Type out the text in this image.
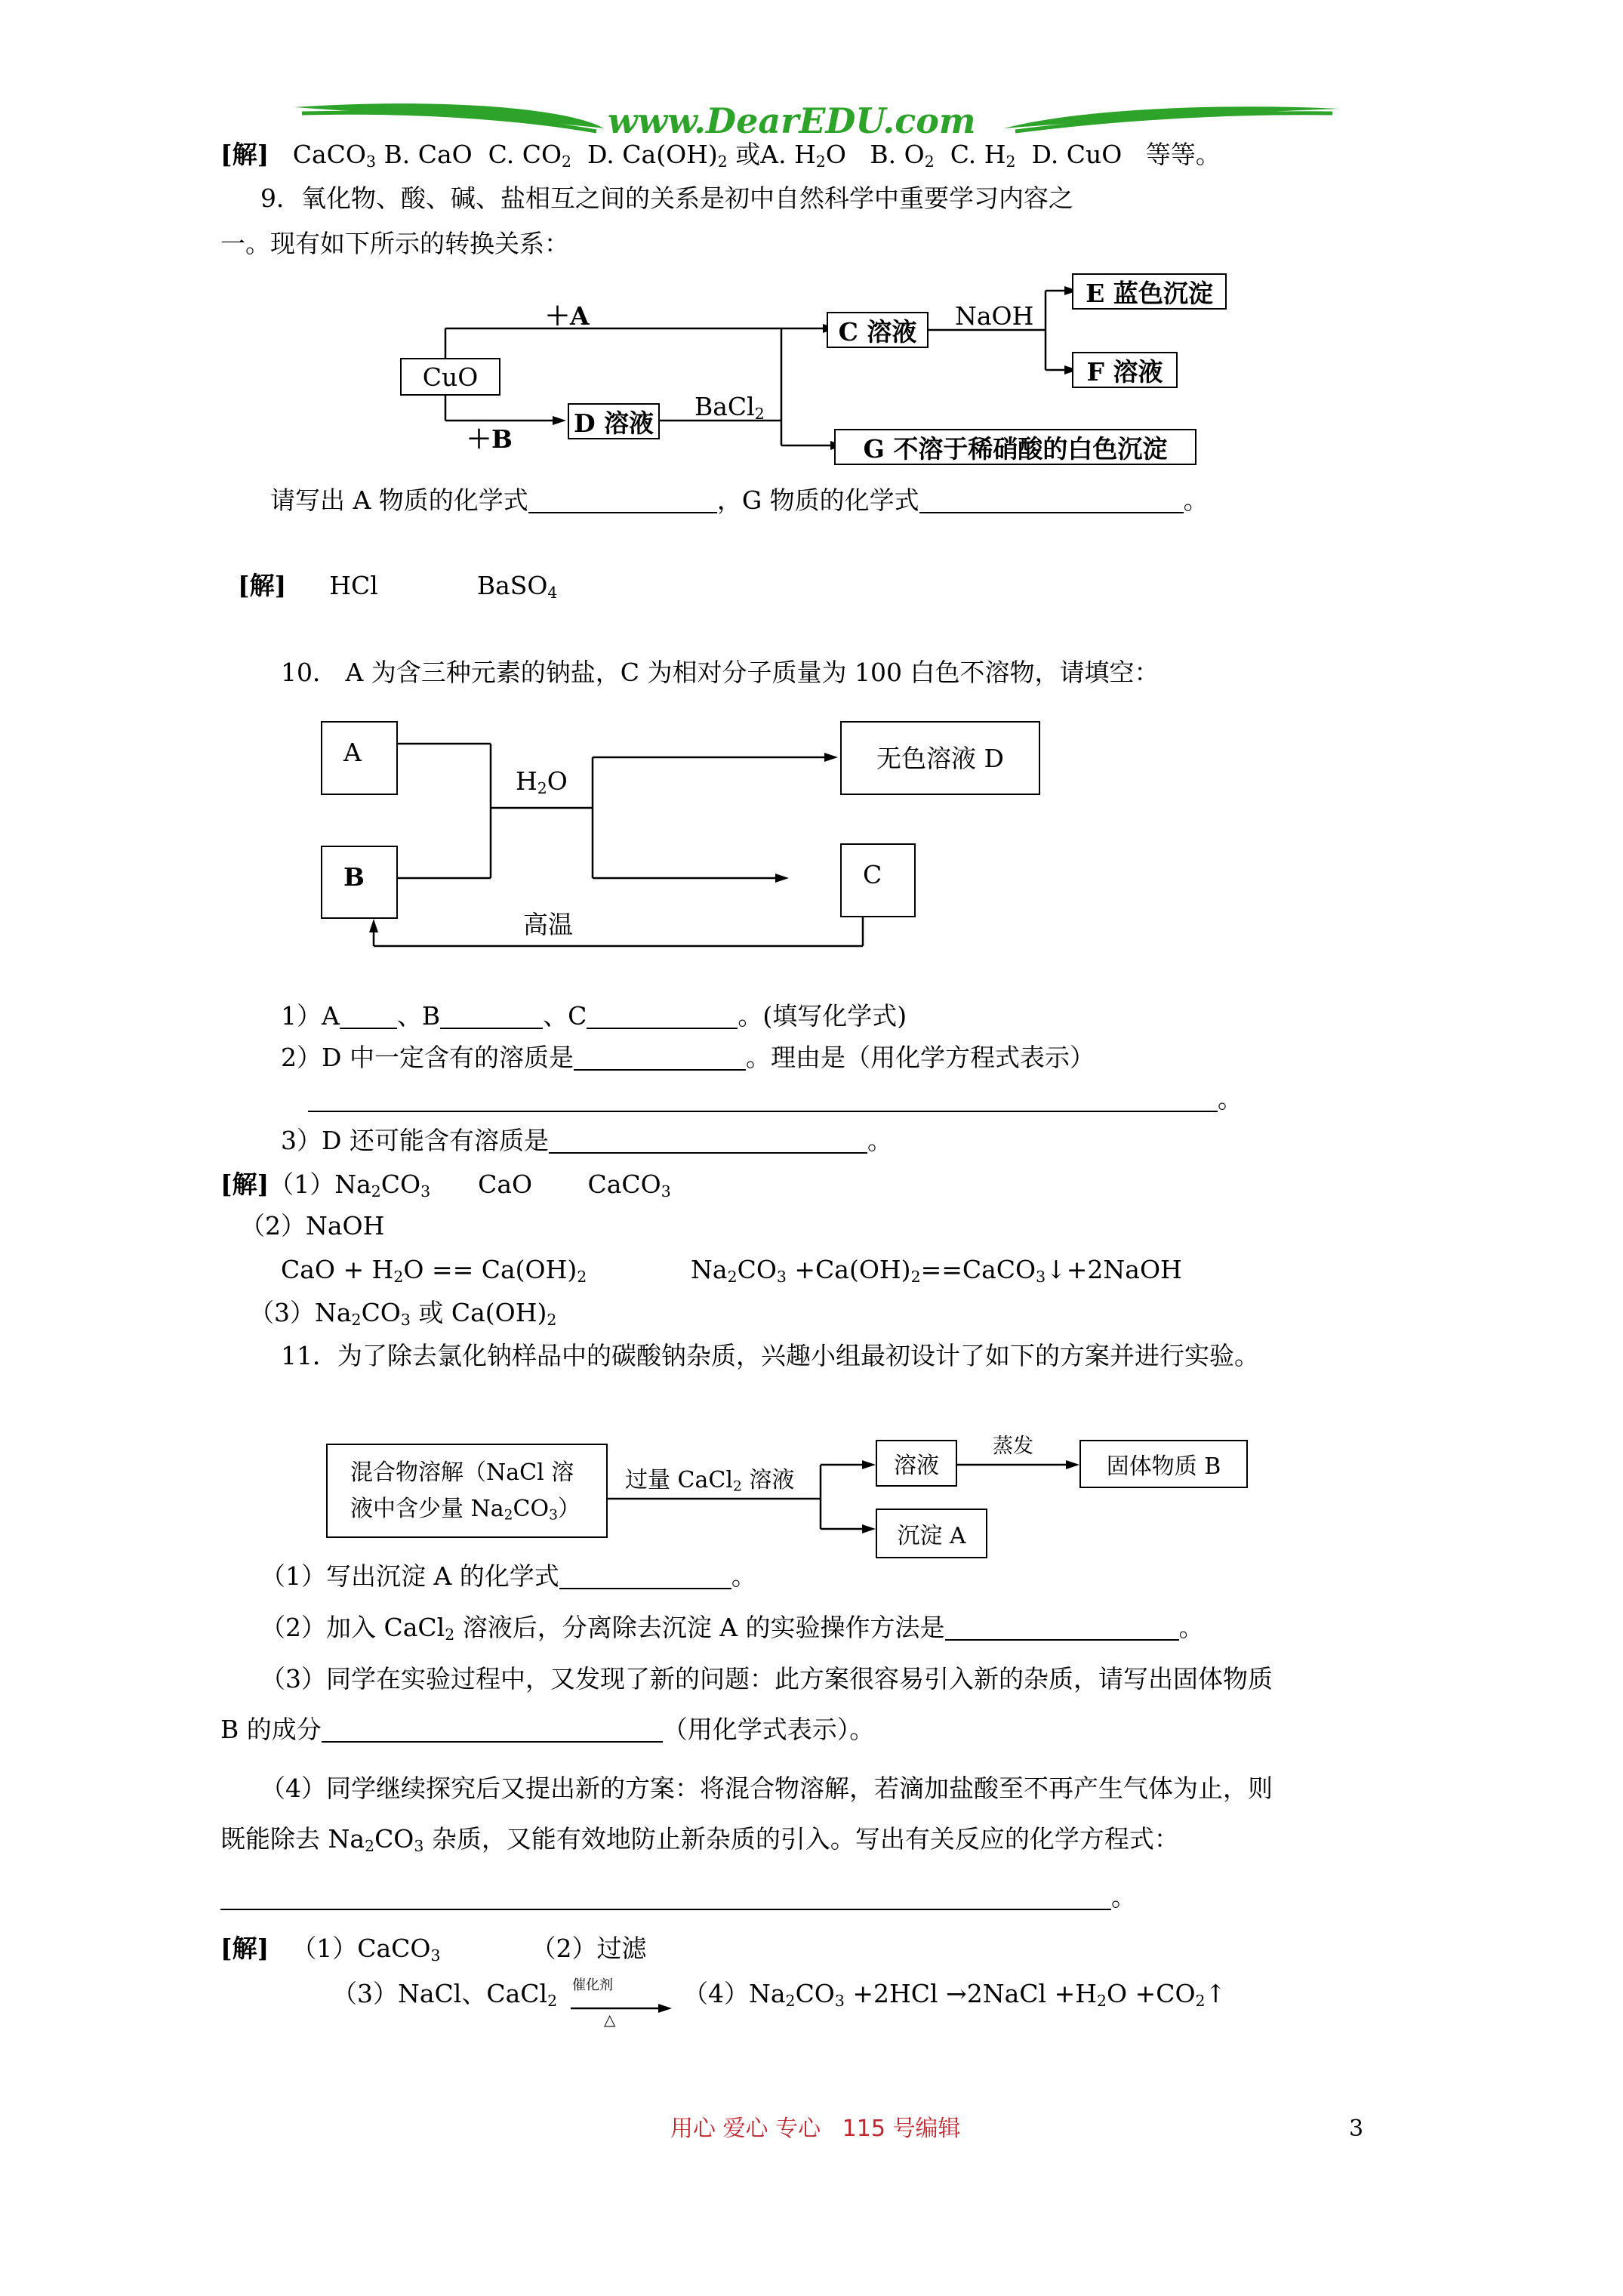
www.DearEDU.com
[解] CaCO$_3$ B. CaO  C. $CO_2$  D. $Ca(OH)_2$ 或A. $H_2O$   B. $O_2$  C. $H_2$  D. CuO   等等。
9．氧化物、酸、碱、盐相互之间的关系是初中自然科学中重要学习内容之
一。现有如下所示的转换关系：
CuO
＋A
＋B
D 溶液
BaCl$_2$
C 溶液
NaOH
E 蓝色沉淀
F 溶液
G 不溶于稀硝酸的白色沉淀
请写出 A 物质的化学式	，G 物质的化学式	。
[解] HCl	BaSO$_4$
10． A 为含三种元素的钠盐，C 为相对分子质量为 100 白色不溶物，请填空：
A
B
无色溶液 D
C
$H_2O$
高温
1）A 、B	、C	。(填写化学式)
2）D 中一定含有的溶质是	。理由是（用化学方程式表示）
。
3）D 还可能含有溶质是	。
[解]$(1)Na_2CO_3$      CaO       CaCO$_3$
（2）NaOH
CaO + $H_2O == Ca(OH)_2$	$Na_2CO_3$ $+Ca(OH)_2==CaCO_3↓+2NaOH$
$(3)Na_2CO_3$ 或 $Ca(OH)_2$
11．为了除去氯化钠样品中的碳酸钠杂质，兴趣小组最初设计了如下的方案并进行实验。
混合物溶解（NaCl 溶
液中含少量 $Na_2CO_3$）
过量 CaCl$_2$ 溶液
溶液
蒸发
固体物质 B
沉淀 A
（1）写出沉淀 A 的化学式	。
（2）加入 CaCl$_2$ 溶液后，分离除去沉淀 A 的实验操作方法是	。
（3）同学在实验过程中，又发现了新的问题：此方案很容易引入新的杂质，请写出固体物质
B 的成分	（用化学式表示）。
（4）同学继续探究后又提出新的方案：将混合物溶解，若滴加盐酸至不再产生气体为止，则
既能除去 $Na_2CO_3$ 杂质，又能有效地防止新杂质的引入。写出有关反应的化学方程式：
。
[解] （1）CaCO$_3$	（2）过滤
（3）NaCl、CaCl$_2$
催化剂
△
$(4)Na_2CO_3 +2HCl$ →2NaCl $+H_2O$ $+CO_2↑$
用心 爱心 专心   115 号编辑	3
